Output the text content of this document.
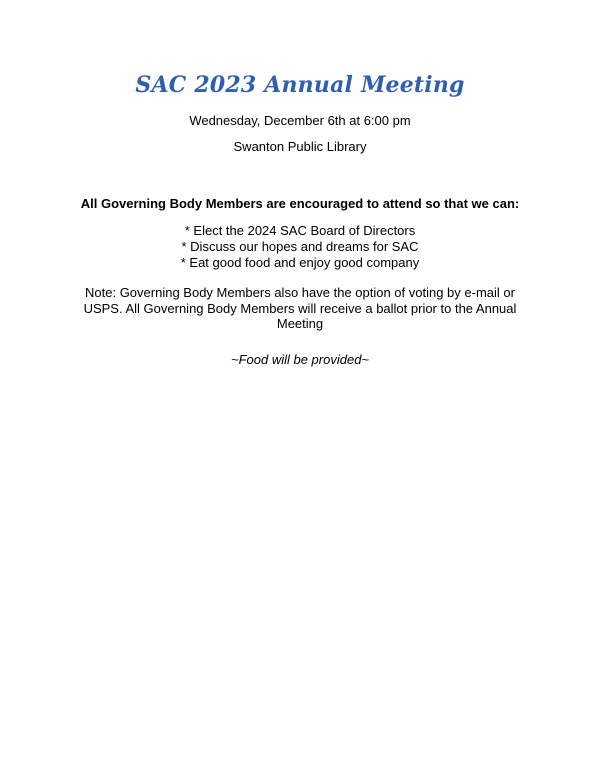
SAC 2023 Annual Meeting
Wednesday, December 6th at 6:00 pm
Swanton Public Library
All Governing Body Members are encouraged to attend so that we can:
* Elect the 2024 SAC Board of Directors
* Discuss our hopes and dreams for SAC
* Eat good food and enjoy good company
Note: Governing Body Members also have the option of voting by e-mail or USPS. All Governing Body Members will receive a ballot prior to the Annual Meeting
~Food will be provided~
